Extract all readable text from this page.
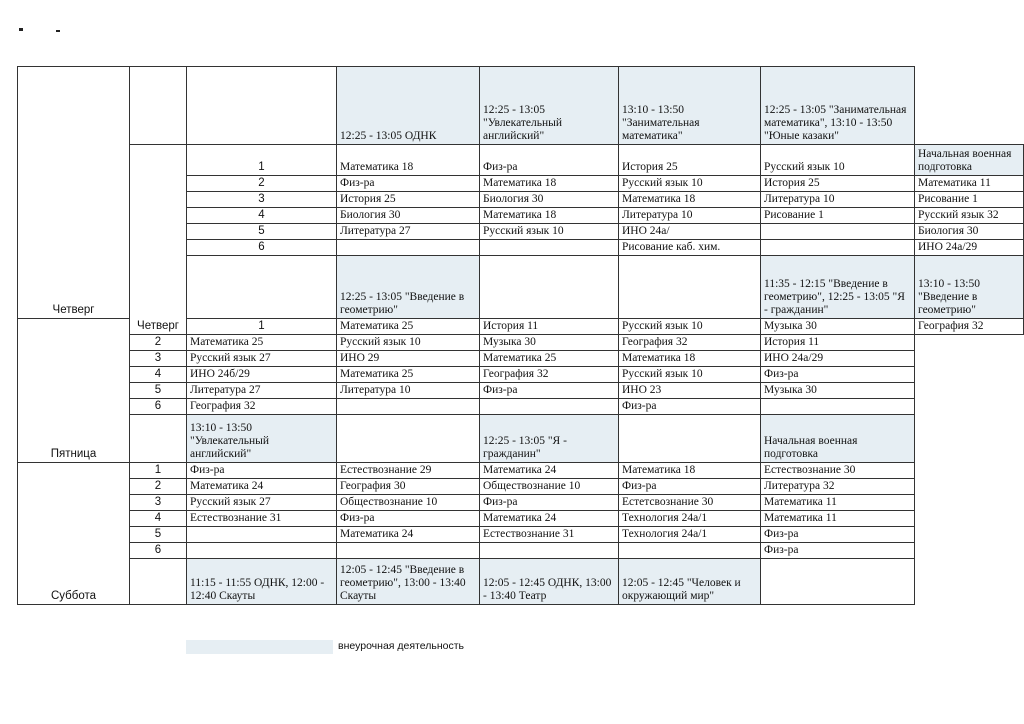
Четверг			12:25 - 13:05 ОДНК	12:25 - 13:05 "Увлекательный английский"	13:10 - 13:50 "Занимательная математика"	12:25 - 13:05 "Занимательная математика", 13:10 - 13:50 "Юные казаки"	
	Четверг	1	Математика 18	Физ-ра	История 25	Русский язык 10	Начальная военная подготовка
		2	Физ-ра	Математика 18	Русский язык 10	История 25	Математика 11
		3	История 25	Биология 30	Математика 18	Литература 10	Рисование 1
		4	Биология 30	Математика 18	Литература 10	Рисование 1	Русский язык 32
		5	Литература 27	Русский язык 10	ИНО 24а/		Биология 30
		6			Рисование каб. хим.		ИНО 24а/29
			12:25 - 13:05 "Введение в геометрию"			11:35 - 12:15 "Введение в геометрию", 12:25 - 13:05 "Я - гражданин"	13:10 - 13:50 "Введение в геометрию"
Пятница		1	Математика 25	История 11	Русский язык 10	Музыка 30	География 32
	2	Математика 25	Русский язык 10	Музыка 30	География 32	История 11	
	3	Русский язык 27	ИНО 29	Математика 25	Математика 18	ИНО 24а/29	
	4	ИНО 24б/29	Математика 25	География 32	Русский язык 10	Физ-ра	
	5	Литература 27	Литература 10	Физ-ра	ИНО 23	Музыка 30	
	6	География 32			Физ-ра		
		13:10 - 13:50 "Увлекательный английский"		12:25 - 13:05 "Я - гражданин"		Начальная военная подготовка	
Суббота	1	Физ-ра	Естествознание 29	Математика 24	Математика 18	Естествознание 30	
	2	Математика 24	География 30	Обществознание 10	Физ-ра	Литература 32	
	3	Русский язык 27	Обществознание 10	Физ-ра	Естетсвознание 30	Математика 11	
	4	Естествознание 31	Физ-ра	Математика 24	Технология 24а/1	Математика 11	
	5		Математика 24	Естествознание 31	Технология 24а/1	Физ-ра	
	6					Физ-ра	
		11:15 - 11:55 ОДНК, 12:00 - 12:40 Скауты	12:05 - 12:45 "Введение в геометрию", 13:00 - 13:40 Скауты	12:05 - 12:45 ОДНК, 13:00 - 13:40 Театр	12:05 - 12:45 "Человек и окружающий мир"		
внеурочная деятельность
